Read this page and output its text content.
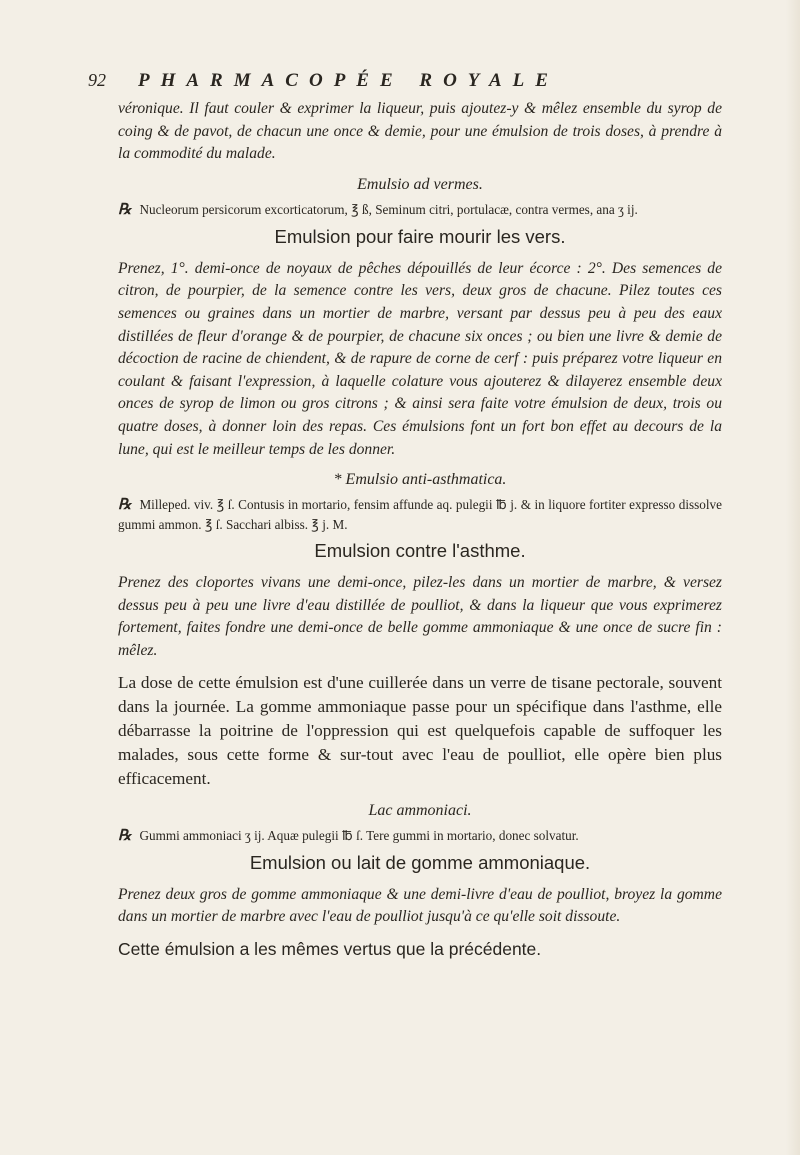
92 PHARMACOPÉE ROYALE

véronique. Il faut couler & exprimer la liqueur, puis ajoutez-y & mêlez ensemble du syrop de coing & de pavot, de chacun une once & demie, pour une émulsion de trois doses, à prendre à la commodité du malade.

Emulsio ad vermes.

℞ Nucleorum persicorum excorticatorum, ℥ ß, Seminum citri, portulacæ, contra vermes, ana ʒ ij.

Emulsion pour faire mourir les vers.

Prenez, 1°. demi-once de noyaux de pêches dépouillés de leur écorce : 2°. Des semences de citron, de pourpier, de la semence contre les vers, deux gros de chacune. Pilez toutes ces semences ou graines dans un mortier de marbre, versant par dessus peu à peu des eaux distillées de fleur d'orange & de pourpier, de chacune six onces ; ou bien une livre & demie de décoction de racine de chiendent, & de rapure de corne de cerf : puis préparez votre liqueur en coulant & faisant l'expression, à laquelle colature vous ajouterez & dilayerez ensemble deux onces de syrop de limon ou gros citrons ; & ainsi sera faite votre émulsion de deux, trois ou quatre doses, à donner loin des repas. Ces émulsions font un fort bon effet au decours de la lune, qui est le meilleur temps de les donner.

* Emulsio anti-asthmatica.

℞ Milleped. viv. ℥ ſ. Contusis in mortario, fensim affunde aq. pulegii ℔ j. & in liquore fortiter expresso dissolve gummi ammon. ℥ ſ. Sacchari albiss. ℥ j. M.

Emulsion contre l'asthme.

Prenez des cloportes vivans une demi-once, pilez-les dans un mortier de marbre, & versez dessus peu à peu une livre d'eau distillée de poulliot, & dans la liqueur que vous exprimerez fortement, faites fondre une demi-once de belle gomme ammoniaque & une once de sucre fin : mêlez.

La dose de cette émulsion est d'une cuillerée dans un verre de tisane pectorale, souvent dans la journée. La gomme ammoniaque passe pour un spécifique dans l'asthme, elle débarrasse la poitrine de l'oppression qui est quelquefois capable de suffoquer les malades, sous cette forme & sur-tout avec l'eau de poulliot, elle opère bien plus efficacement.

Lac ammoniaci.

℞ Gummi ammoniaci ʒ ij. Aquæ pulegii ℔ ſ. Tere gummi in mortario, donec solvatur.

Emulsion ou lait de gomme ammoniaque.

Prenez deux gros de gomme ammoniaque & une demi-livre d'eau de poulliot, broyez la gomme dans un mortier de marbre avec l'eau de poulliot jusqu'à ce qu'elle soit dissoute.

Cette émulsion a les mêmes vertus que la précédente.
